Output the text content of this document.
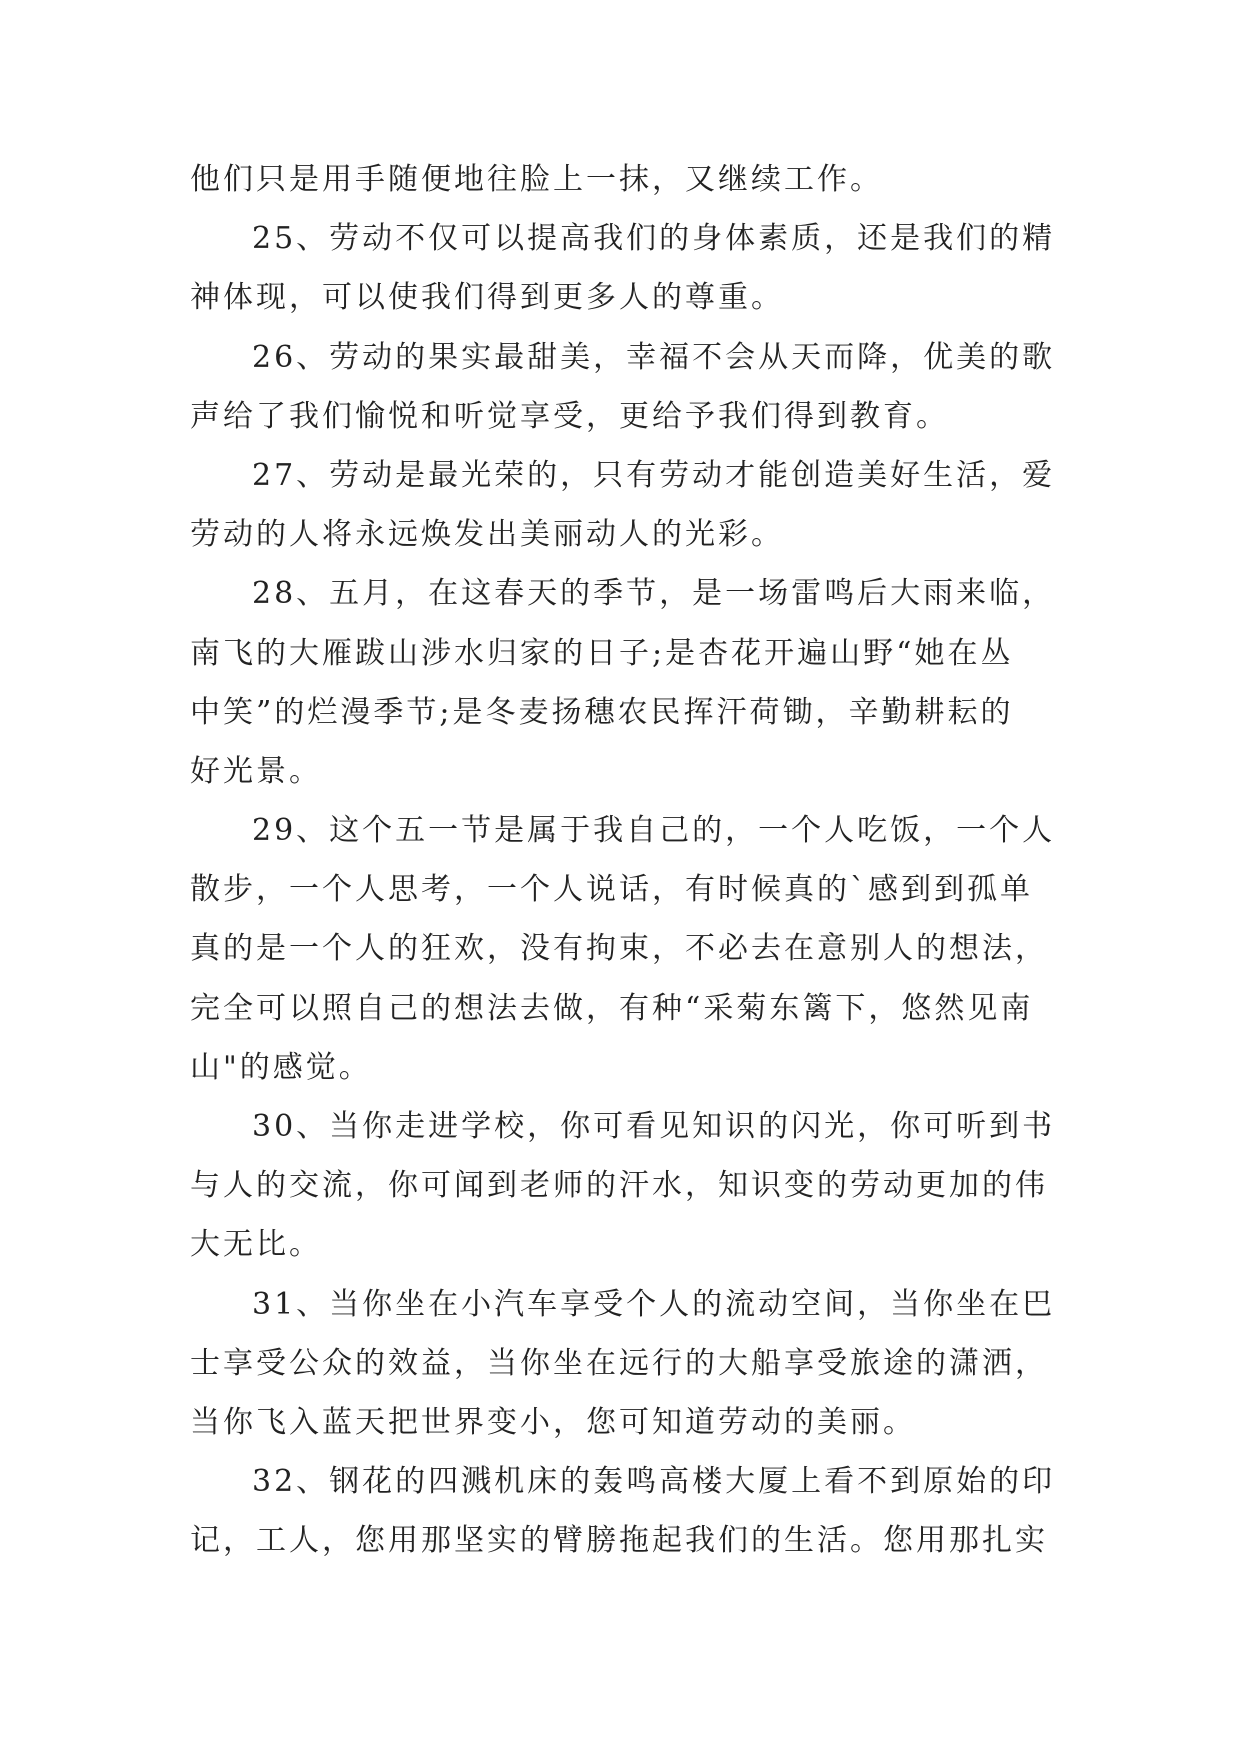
他们只是用手随便地往脸上一抹，又继续工作。
25、劳动不仅可以提高我们的身体素质，还是我们的精
神体现，可以使我们得到更多人的尊重。
26、劳动的果实最甜美，幸福不会从天而降，优美的歌
声给了我们愉悦和听觉享受，更给予我们得到教育。
27、劳动是最光荣的，只有劳动才能创造美好生活，爱
劳动的人将永远焕发出美丽动人的光彩。
28、五月，在这春天的季节，是一场雷鸣后大雨来临，
南飞的大雁跋山涉水归家的日子;是杏花开遍山野“她在丛
中笑”的烂漫季节;是冬麦扬穗农民挥汗荷锄，辛勤耕耘的
好光景。
29、这个五一节是属于我自己的，一个人吃饭，一个人
散步，一个人思考，一个人说话，有时候真的`感到到孤单
真的是一个人的狂欢，没有拘束，不必去在意别人的想法，
完全可以照自己的想法去做，有种“采菊东篱下，悠然见南
山"的感觉。
30、当你走进学校，你可看见知识的闪光，你可听到书
与人的交流，你可闻到老师的汗水，知识变的劳动更加的伟
大无比。
31、当你坐在小汽车享受个人的流动空间，当你坐在巴
士享受公众的效益，当你坐在远行的大船享受旅途的潇洒，
当你飞入蓝天把世界变小，您可知道劳动的美丽。
32、钢花的四溅机床的轰鸣高楼大厦上看不到原始的印
记，工人，您用那坚实的臂膀拖起我们的生活。您用那扎实
